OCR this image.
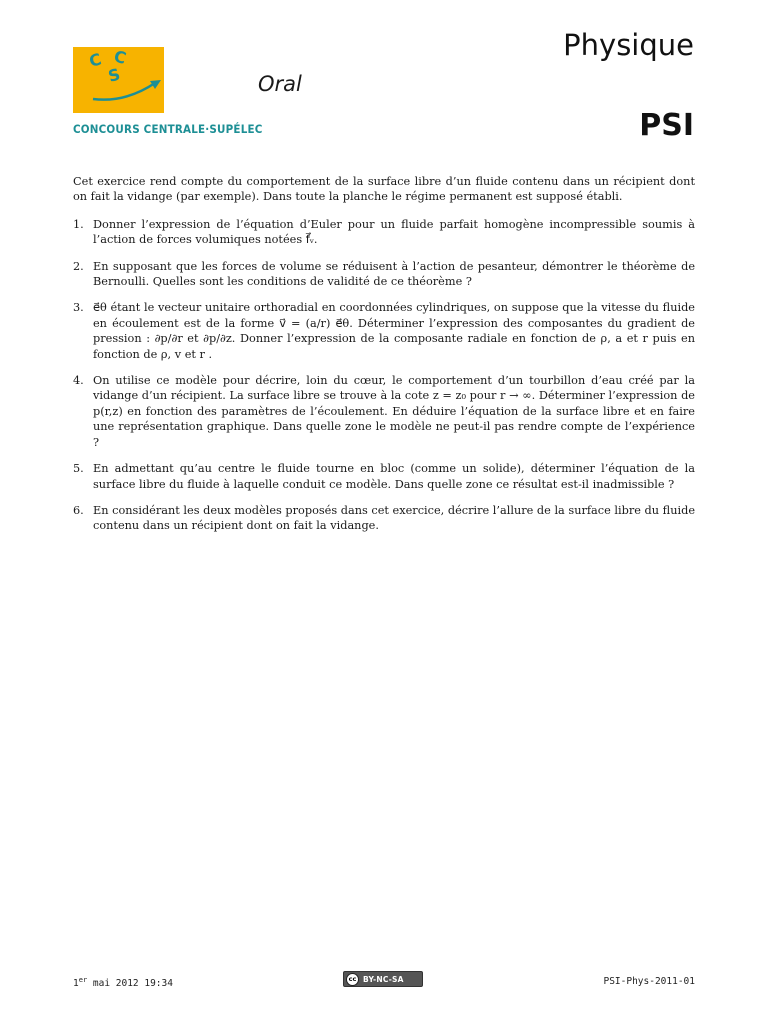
C C
S
CONCOURS CENTRALE·SUPÉLEC
Oral
Physique
PSI

Cet exercice rend compte du comportement de la surface libre d’un fluide contenu dans un récipient dont on fait la vidange (par exemple). Dans toute la planche le régime permanent est supposé établi.

1. Donner l’expression de l’équation d’Euler pour un fluide parfait homogène incompressible soumis à l’action de forces volumiques notées f⃗ᵥ.
2. En supposant que les forces de volume se réduisent à l’action de pesanteur, démontrer le théorème de Bernoulli. Quelles sont les conditions de validité de ce théorème ?
3. e⃗θ étant le vecteur unitaire orthoradial en coordonnées cylindriques, on suppose que la vitesse du fluide en écoulement est de la forme v⃗ = (a/r) e⃗θ. Déterminer l’expression des composantes du gradient de pression : ∂p/∂r et ∂p/∂z. Donner l’expression de la composante radiale en fonction de ρ, a et r puis en fonction de ρ, v et r .
4. On utilise ce modèle pour décrire, loin du cœur, le comportement d’un tourbillon d’eau créé par la vidange d’un récipient. La surface libre se trouve à la cote z = z₀ pour r → ∞. Déterminer l’expression de p(r,z) en fonction des paramètres de l’écoulement. En déduire l’équation de la surface libre et en faire une représentation graphique. Dans quelle zone le modèle ne peut-il pas rendre compte de l’expérience ?
5. En admettant qu’au centre le fluide tourne en bloc (comme un solide), déterminer l’équation de la surface libre du fluide à laquelle conduit ce modèle. Dans quelle zone ce résultat est-il inadmissible ?
6. En considérant les deux modèles proposés dans cet exercice, décrire l’allure de la surface libre du fluide contenu dans un récipient dont on fait la vidange.
1er mai 2012 19:34	cc BY-NC-SA	PSI-Phys-2011-01
